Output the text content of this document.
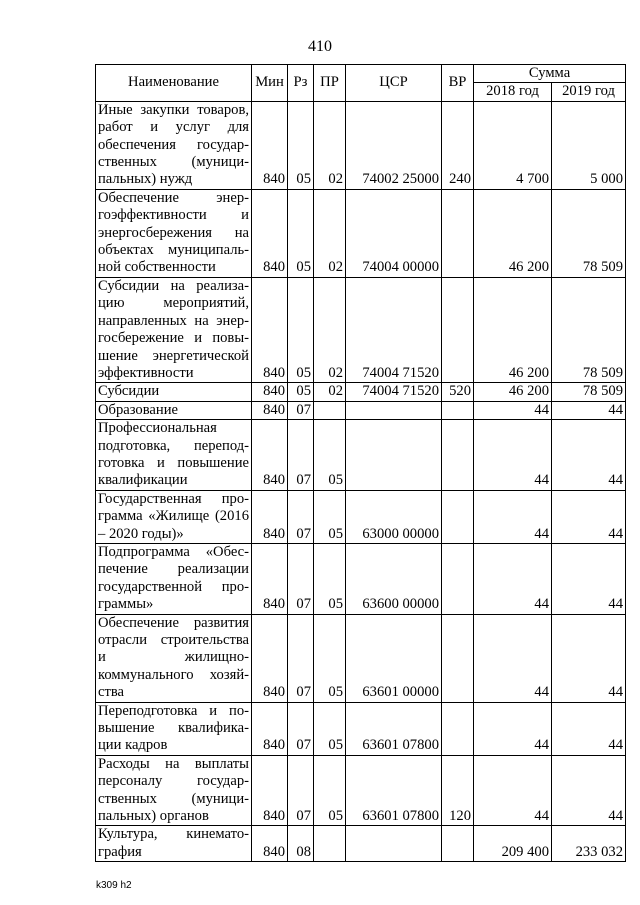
410
Наименование	Мин	Рз	ПР	ЦСР	ВР	Сумма	
						2018 год	2019 год
Иные закупки товаров, работ и услуг для обеспечения государ- ственных (муници- пальных) нужд	840	05	02	74002 25000	240	4 700	5 000
Обеспечение энер- гоэффективности и энергосбережения на объектах муниципаль- ной собственности	840	05	02	74004 00000		46 200	78 509
Субсидии на реализа- цию мероприятий, направленных на энер- госбережение и повы- шение энергетической эффективности	840	05	02	74004 71520		46 200	78 509
Субсидии	840	05	02	74004 71520	520	46 200	78 509
Образование	840	07				44	44
Профессиональная подготовка, перепод- готовка и повышение квалификации	840	07	05			44	44
Государственная про- грамма «Жилище (2016 – 2020 годы)»	840	07	05	63000 00000		44	44
Подпрограмма «Обес- печение реализации государственной про- граммы»	840	07	05	63600 00000		44	44
Обеспечение развития отрасли строительства и жилищно- коммунального хозяй- ства	840	07	05	63601 00000		44	44
Переподготовка и по- вышение квалифика- ции кадров	840	07	05	63601 07800		44	44
Расходы на выплаты персоналу государ- ственных (муници- пальных) органов	840	07	05	63601 07800	120	44	44
Культура, кинемато- графия	840	08				209 400	233 032
k309 h2
